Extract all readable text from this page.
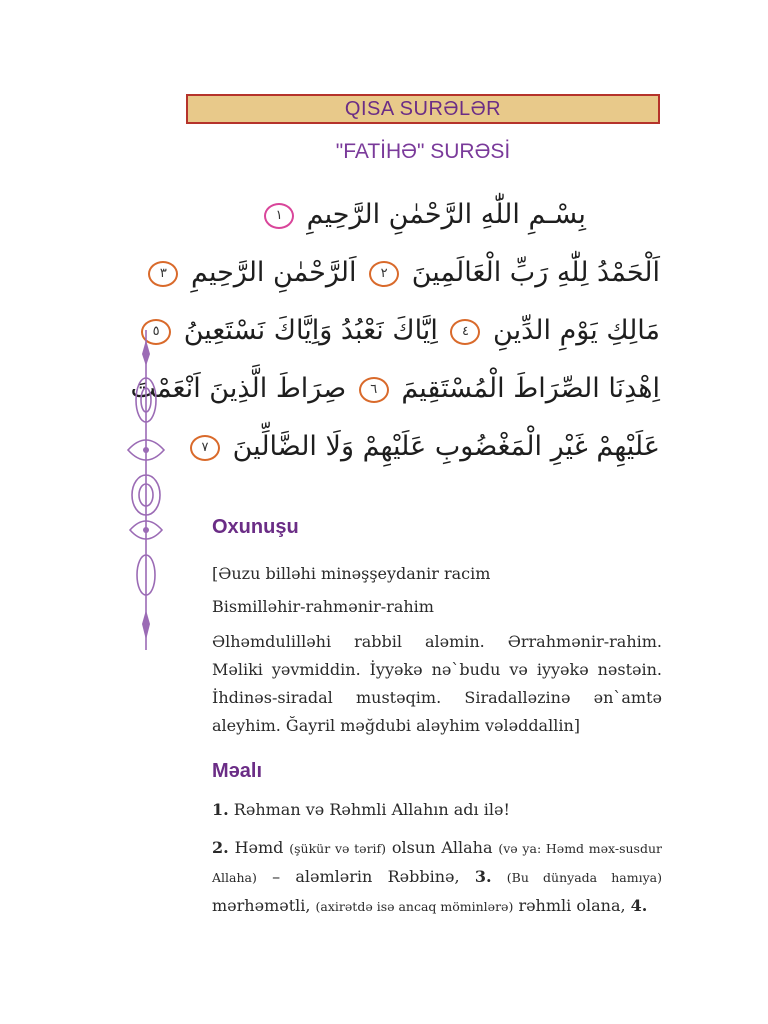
QISA SURƏLƏR
"FATİHƏ" SURƏSİ
بِسْـمِ اللّٰهِ الرَّحْمٰنِ الرَّحِيمِ ١
اَلْحَمْدُ لِلّٰهِ رَبِّ الْعَالَمِينَ ٢ اَلرَّحْمٰنِ الرَّحِيمِ ٣
مَالِكِ يَوْمِ الدِّينِ ٤ اِيَّاكَ نَعْبُدُ وَاِيَّاكَ نَسْتَعِينُ ٥
اِهْدِنَا الصِّرَاطَ الْمُسْتَقِيمَ ٦ صِرَاطَ الَّذِينَ اَنْعَمْتَ
عَلَيْهِمْ غَيْرِ الْمَغْضُوبِ عَلَيْهِمْ وَلَا الضَّالِّينَ ٧
Oxunuşu
[Əuzu billəhi minəşşeydanir racim
Bismilləhir-rahmənir-rahim
Əlhəmdulilləhi rabbil aləmin. Ərrahmənir-rahim. Məliki yəvmiddin. İyyəkə nə`budu və iyyəkə nəstəin. İhdinəs-siradal mustəqim. Siradalləzinə ən`amtə aleyhim. Ğayril məğdubi aləyhim vələddallin]
Məalı
1. Rəhman və Rəhmli Allahın adı ilə!
2. Həmd (şükür və tərif) olsun Allaha (və ya: Həmd məx-susdur Allaha) – aləmlərin Rəbbinə, 3. (Bu dünyada hamıya) mərhəmətli, (axirətdə isə ancaq möminlərə) rəhmli olana, 4.
